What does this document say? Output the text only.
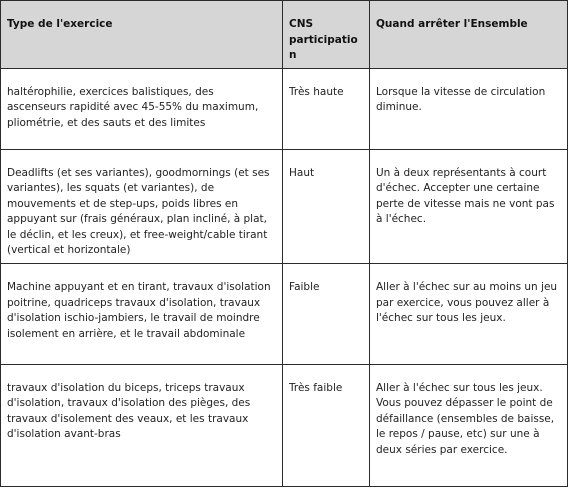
Type de l'exercice	CNS participation	Quand arrêter l'Ensemble
haltérophilie, exercices balistiques, des ascenseurs rapidité avec 45-55% du maximum, pliométrie, et des sauts et des limites	Très haute	Lorsque la vitesse de circulation diminue.
Deadlifts (et ses variantes), goodmornings (et ses variantes), les squats (et variantes), de mouvements et de step-ups, poids libres en appuyant sur (frais généraux, plan incliné, à plat, le déclin, et les creux), et free-weight/cable tirant (vertical et horizontale)	Haut	Un à deux représentants à court d'échec. Accepter une certaine perte de vitesse mais ne vont pas à l'échec.
Machine appuyant et en tirant, travaux d'isolation poitrine, quadriceps travaux d'isolation, travaux d'isolation ischio-jambiers, le travail de moindre isolement en arrière, et le travail abdominale	Faible	Aller à l'échec sur au moins un jeu par exercice, vous pouvez aller à l'échec sur tous les jeux.
travaux d'isolation du biceps, triceps travaux d'isolation, travaux d'isolation des pièges, des travaux d'isolement des veaux, et les travaux d'isolation avant-bras	Très faible	Aller à l'échec sur tous les jeux. Vous pouvez dépasser le point de défaillance (ensembles de baisse, le repos / pause, etc) sur une à deux séries par exercice.
